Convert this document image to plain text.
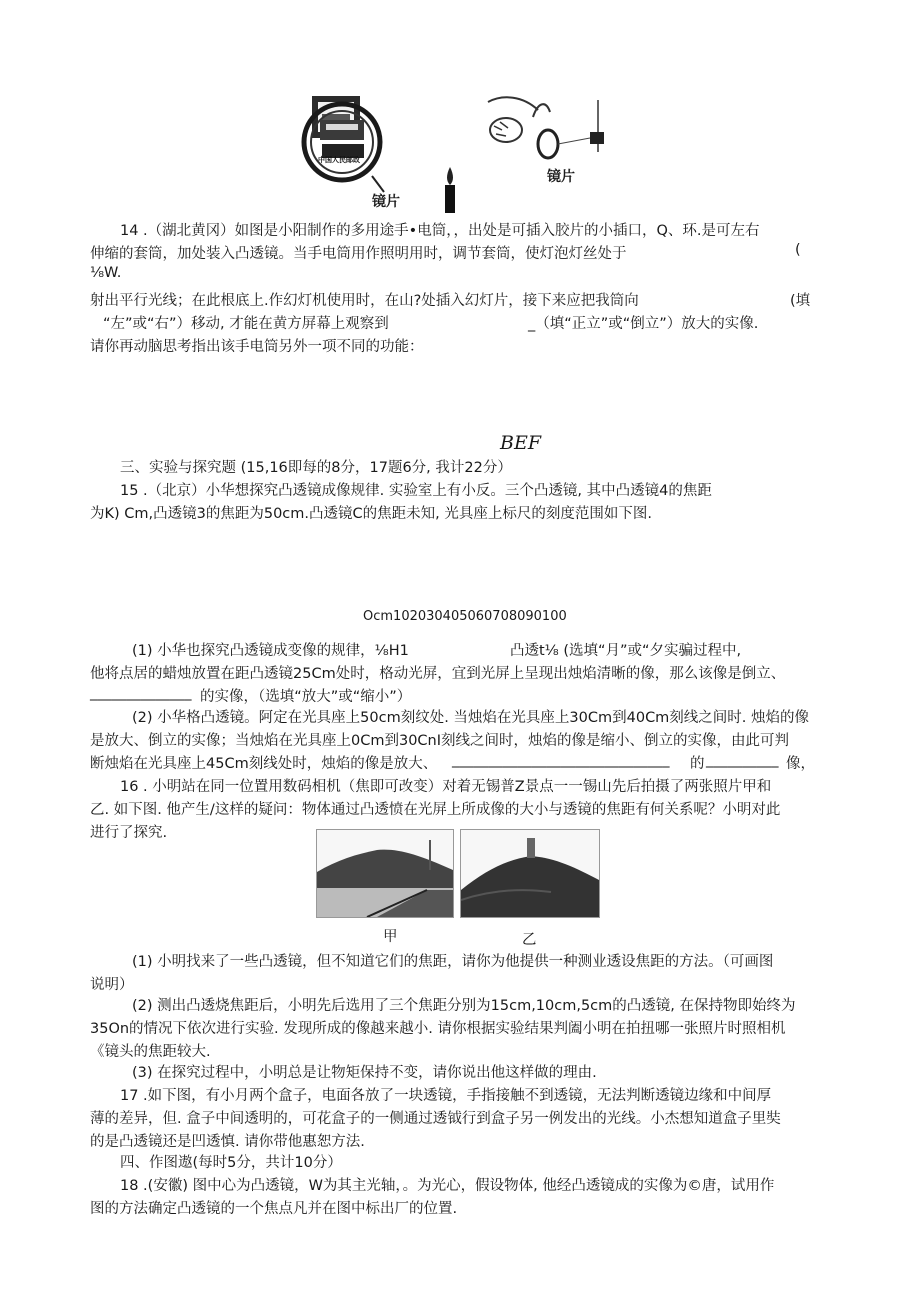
镜片
中国人民邮政
镜片
14 .（湖北黄冈）如图是小阳制作的多用途手•电筒，，出处是可插入胶片的小插口，Q、环.是可左右
伸缩的套筒，加处装入凸透镜。当手电筒用作照明用时，调节套筒，使灯泡灯丝处于	(
⅛W.
射出平行光线；在此根底上.作幻灯机使用时，在山?处插入幻灯片，接下来应把我筒向	(填
“左”或“右”）移动, 才能在黄方屏幕上观察到	_（填“正立”或“倒立”）放大的实像.
请你再动脑思考指出该手电筒另外一项不同的功能：
BEF
三、实验与探究题 (15,16即每的8分，17题6分, 我计22分）
15 .（北京）小华想探究凸透镜成像规律. 实验室上有小反。三个凸透镜, 其中凸透镜4的焦距
为K) Cm,凸透镜3的焦距为50cm.凸透镜C的焦距未知, 光具座上标尺的刻度范围如下图.
Ocm102030405060708090100
(1) 小华也探究凸透镜成变像的规律，⅛H1	凸透t⅛ (选填“月”或“夕实骗过程中,
他将点居的蜡烛放置在距凸透镜25Cm处时，格动光屏，宜到光屏上呈现出烛焰清晰的像，那么该像是倒立、
______________ 的实像，（选填“放大”或“缩小”）
(2) 小华格凸透镜。阿定在光具座上50cm刻纹处. 当烛焰在光具座上30Cm到40Cm刻线之间时. 烛焰的像
是放大、倒立的实像；当烛焰在光具座上0Cm到30CnI刻线之间时，烛焰的像是缩小、倒立的实像，由此可判
断烛焰在光具座上45Cm刻线处时，烛焰的像是放大、 ______________________________ 的 __________ 像，
16 . 小明站在同一位置用数码相机（焦即可改变）对着无锡普Z景点一一锡山先后拍摄了两张照片甲和
乙. 如下图. 他产生/这样的疑问：物体通过凸透愤在光屏上所成像的大小与透镜的焦距有何关系呢？小明对此
进行了探究.
甲	乙
(1) 小明找来了一些凸透镜，但不知道它们的焦距，请你为他提供一种测业透设焦距的方法。（可画图
说明）
(2) 测出凸透烧焦距后，小明先后选用了三个焦距分别为15cm,10cm,5cm的凸透镜, 在保持物即始终为
35On的情况下依次进行实验. 发现所成的像越来越小. 请你根据实验结果判阖小明在拍扭哪一张照片时照相机
《镜头的焦距较大.
(3) 在探究过程中，小明总是让物矩保持不变，请你说出他这样做的理由.
17 .如下图，有小月两个盒子，电面各放了一块透镜，手指接触不到透镜，无法判断透镜边缘和中间厚
薄的差异，但. 盒子中间透明的，可花盒子的一侧通过透钺行到盒子另一例发出的光线。小杰想知道盒子里奘
的是凸透镜还是凹透慎. 请你带他惠恕方法.
四、作图遨(每时5分，共计10分）
18 .(安徽) 图中心为凸透镜，W为其主光轴，。为光心，假设物体, 他经凸透镜成的实像为©唐，试用作
图的方法确定凸透镜的一个焦点凡并在图中标出厂的位置.
